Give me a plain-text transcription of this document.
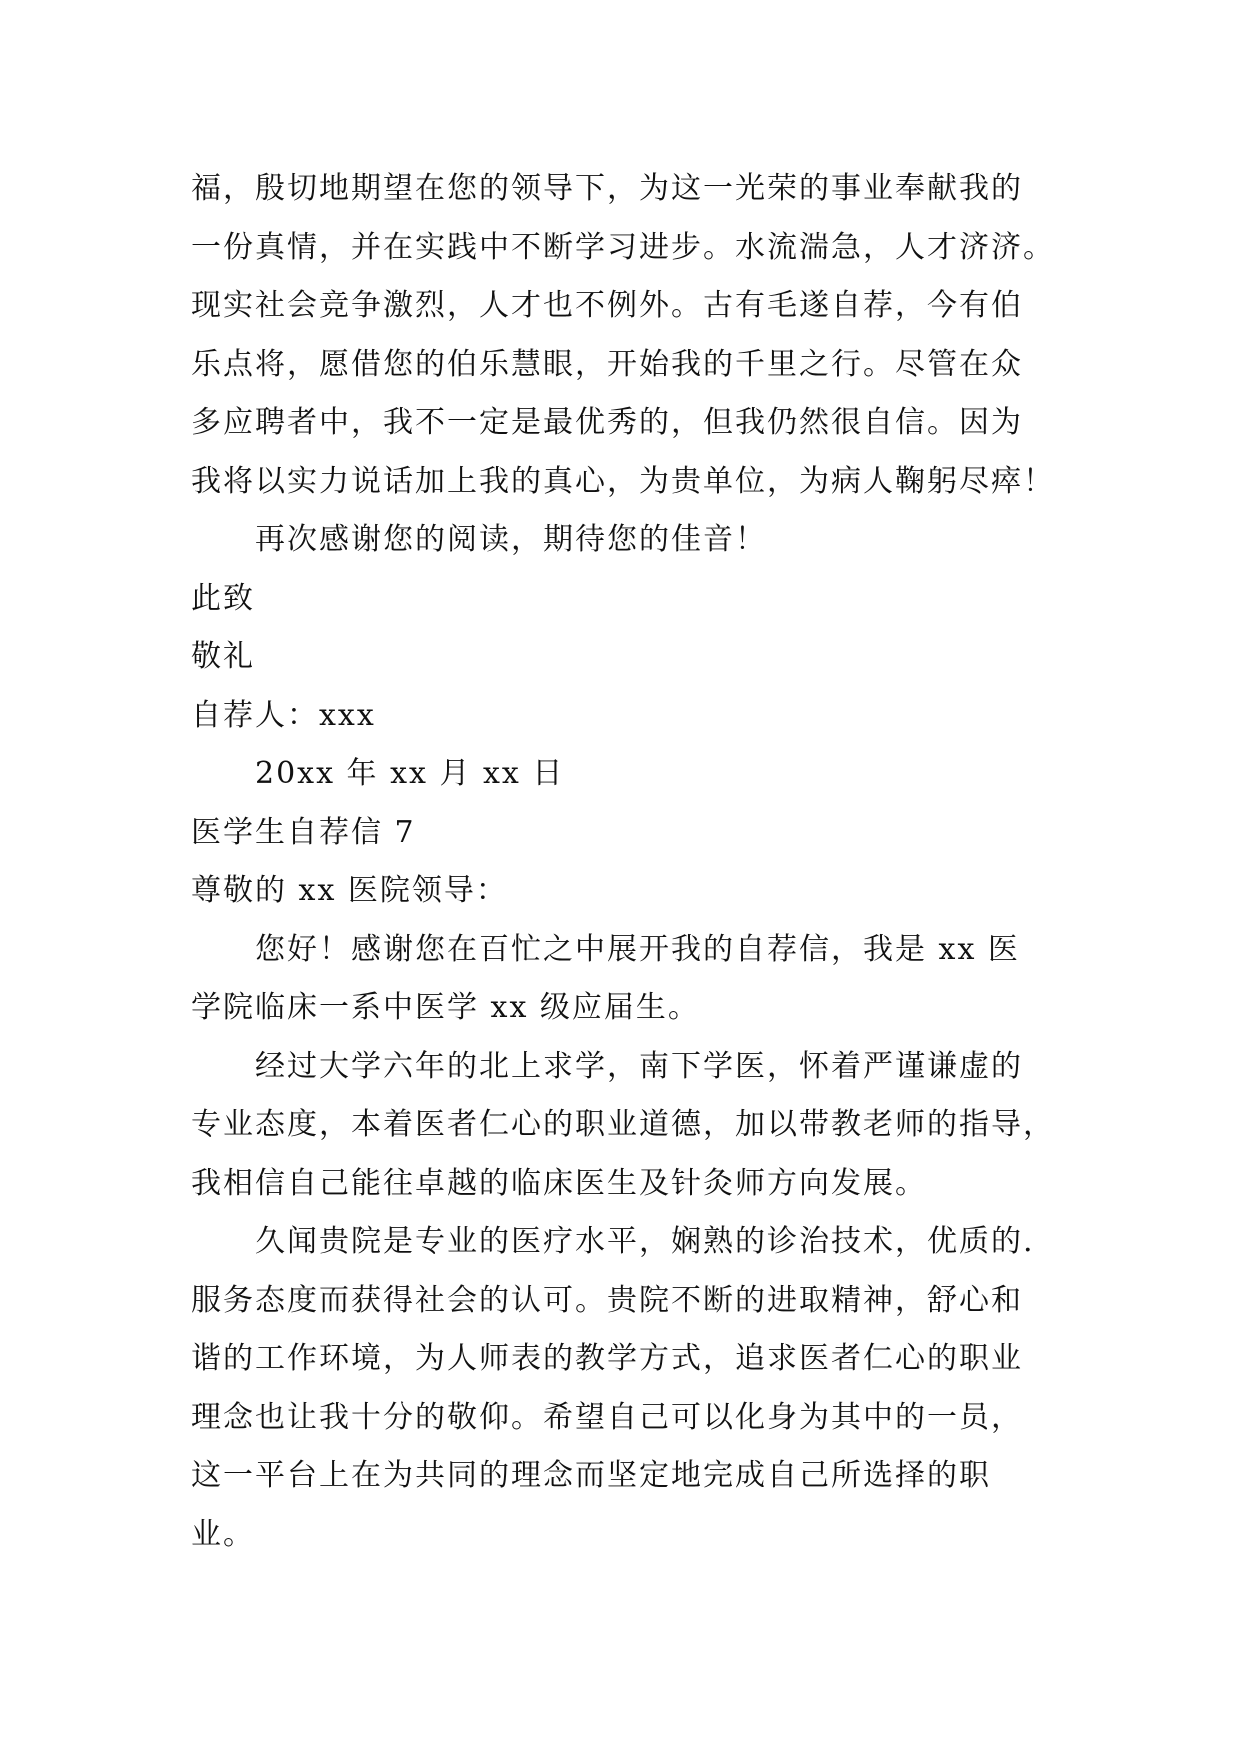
福，殷切地期望在您的领导下，为这一光荣的事业奉献我的
一份真情，并在实践中不断学习进步。水流湍急，人才济济。
现实社会竞争激烈，人才也不例外。古有毛遂自荐，今有伯
乐点将，愿借您的伯乐慧眼，开始我的千里之行。尽管在众
多应聘者中，我不一定是最优秀的，但我仍然很自信。因为
我将以实力说话加上我的真心，为贵单位，为病人鞠躬尽瘁！
再次感谢您的阅读，期待您的佳音！
此致
敬礼
自荐人：xxx
20xx 年 xx 月 xx 日
医学生自荐信 7
尊敬的 xx 医院领导：
您好！感谢您在百忙之中展开我的自荐信，我是 xx 医
学院临床一系中医学 xx 级应届生。
经过大学六年的北上求学，南下学医，怀着严谨谦虚的
专业态度，本着医者仁心的职业道德，加以带教老师的指导，
我相信自己能往卓越的临床医生及针灸师方向发展。
久闻贵院是专业的医疗水平，娴熟的诊治技术，优质的.
服务态度而获得社会的认可。贵院不断的进取精神，舒心和
谐的工作环境，为人师表的教学方式，追求医者仁心的职业
理念也让我十分的敬仰。希望自己可以化身为其中的一员，
这一平台上在为共同的理念而坚定地完成自己所选择的职
业。
